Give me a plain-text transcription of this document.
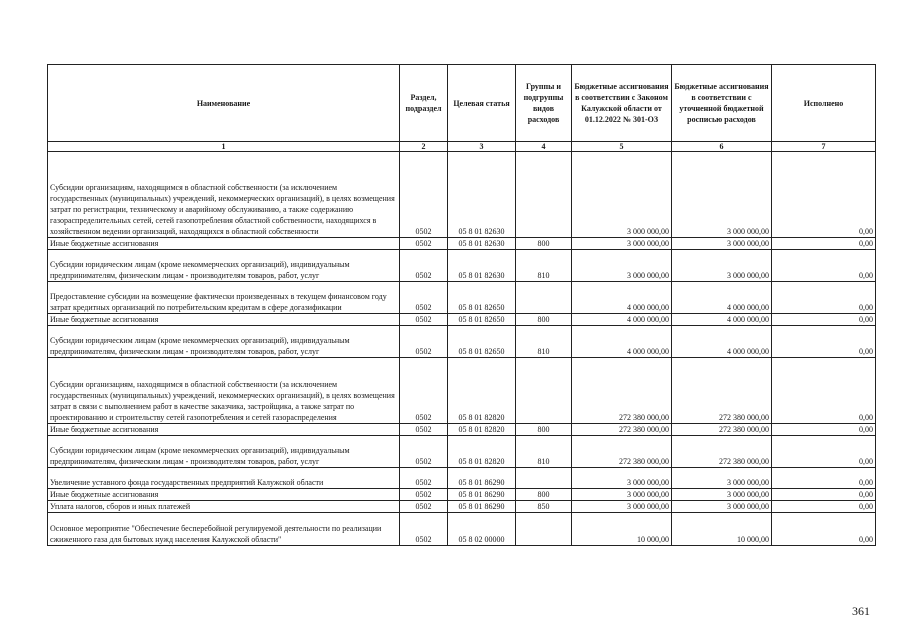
Наименование	Раздел, подраздел	Целевая статья	Группы и подгруппы видов расходов	Бюджетные ассигнования в соответствии с Законом Калужской области от 01.12.2022 № 301-ОЗ	Бюджетные ассигнования в соответствии с уточненной бюджетной росписью расходов	Исполнено
1	2	3	4	5	6	7
Субсидии организациям, находящимся в областной собственности (за исключением государственных (муниципальных) учреждений, некоммерческих организаций), в целях возмещения затрат по регистрации, техническому и аварийному обслуживанию, а также содержанию газораспределительных сетей, сетей газопотребления областной собственности, находящихся в хозяйственном ведении организаций, находящихся в областной собственности	0502	05 8 01 82630		3 000 000,00	3 000 000,00	0,00
Иные бюджетные ассигнования	0502	05 8 01 82630	800	3 000 000,00	3 000 000,00	0,00
Субсидии юридическим лицам (кроме некоммерческих организаций), индивидуальным предпринимателям, физическим лицам - производителям товаров, работ, услуг	0502	05 8 01 82630	810	3 000 000,00	3 000 000,00	0,00
Предоставление субсидии на возмещение фактически произведенных в текущем финансовом году затрат кредитных организаций по потребительским кредитам в сфере догазификации	0502	05 8 01 82650		4 000 000,00	4 000 000,00	0,00
Иные бюджетные ассигнования	0502	05 8 01 82650	800	4 000 000,00	4 000 000,00	0,00
Субсидии юридическим лицам (кроме некоммерческих организаций), индивидуальным предпринимателям, физическим лицам - производителям товаров, работ, услуг	0502	05 8 01 82650	810	4 000 000,00	4 000 000,00	0,00
Субсидии организациям, находящимся в областной собственности (за исключением государственных (муниципальных) учреждений, некоммерческих организаций), в целях возмещения затрат в связи с выполнением работ в качестве заказчика, застройщика, а также затрат по проектированию и строительству сетей газопотребления и сетей газораспределения	0502	05 8 01 82820		272 380 000,00	272 380 000,00	0,00
Иные бюджетные ассигнования	0502	05 8 01 82820	800	272 380 000,00	272 380 000,00	0,00
Субсидии юридическим лицам (кроме некоммерческих организаций), индивидуальным предпринимателям, физическим лицам - производителям товаров, работ, услуг	0502	05 8 01 82820	810	272 380 000,00	272 380 000,00	0,00
Увеличение уставного фонда государственных предприятий Калужской области	0502	05 8 01 86290		3 000 000,00	3 000 000,00	0,00
Иные бюджетные ассигнования	0502	05 8 01 86290	800	3 000 000,00	3 000 000,00	0,00
Уплата налогов, сборов и иных платежей	0502	05 8 01 86290	850	3 000 000,00	3 000 000,00	0,00
Основное мероприятие "Обеспечение бесперебойной регулируемой деятельности по реализации сжиженного газа для бытовых нужд населения Калужской области"	0502	05 8 02 00000		10 000,00	10 000,00	0,00
361
